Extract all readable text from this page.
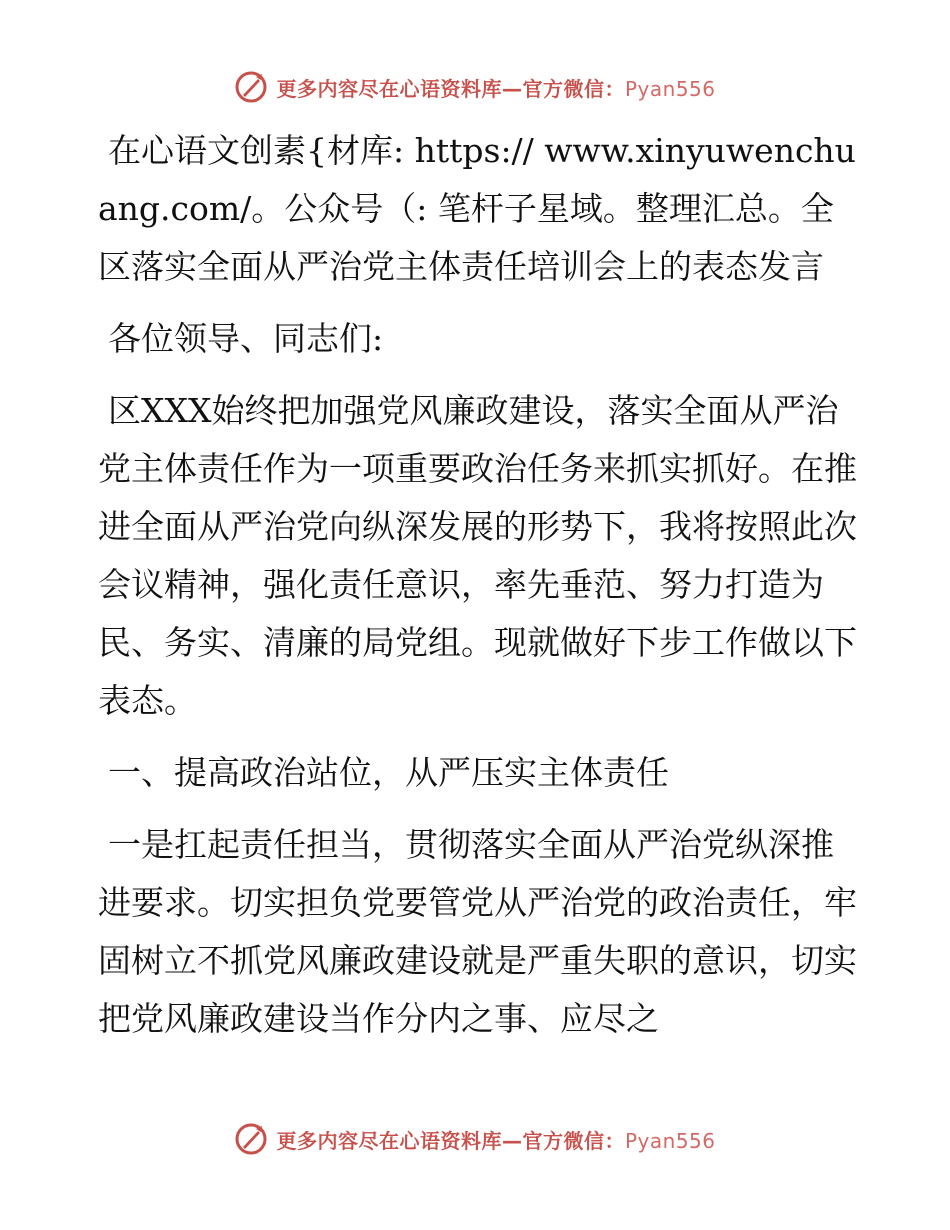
更多内容尽在心语资料库—官方微信：Pyan556

在心语文创素{材库: https:// www.xinyuwenchuang.com/。公众号（: 笔杆子星域。整理汇总。全区落实全面从严治党主体责任培训会上的表态发言

各位领导、同志们:

区XXX始终把加强党风廉政建设，落实全面从严治党主体责任作为一项重要政治任务来抓实抓好。在推进全面从严治党向纵深发展的形势下，我将按照此次会议精神，强化责任意识，率先垂范、努力打造为民、务实、清廉的局党组。现就做好下步工作做以下表态。

一、提高政治站位，从严压实主体责任

一是扛起责任担当，贯彻落实全面从严治党纵深推进要求。切实担负党要管党从严治党的政治责任，牢固树立不抓党风廉政建设就是严重失职的意识，切实把党风廉政建设当作分内之事、应尽之

更多内容尽在心语资料库—官方微信：Pyan556
